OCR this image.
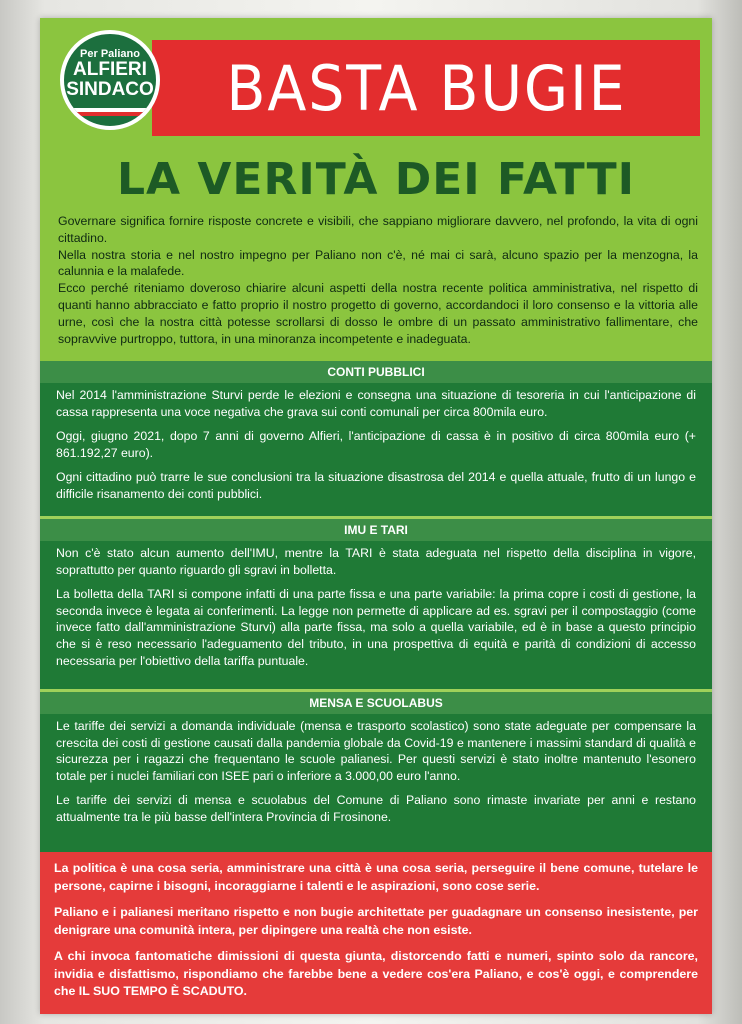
BASTA BUGIE
Per Paliano
ALFIERI
SINDACO
LA VERITÀ DEI FATTI

Governare significa fornire risposte concrete e visibili, che sappiano migliorare davvero, nel profondo, la vita di ogni cittadino.

Nella nostra storia e nel nostro impegno per Paliano non c'è, né mai ci sarà, alcuno spazio per la menzogna, la calunnia e la malafede.

Ecco perché riteniamo doveroso chiarire alcuni aspetti della nostra recente politica amministrativa, nel rispetto di quanti hanno abbracciato e fatto proprio il nostro progetto di governo, accordandoci il loro consenso e la vittoria alle urne, così che la nostra città potesse scrollarsi di dosso le ombre di un passato amministrativo fallimentare, che sopravvive purtroppo, tuttora, in una minoranza incompetente e inadeguata.

CONTI PUBBLICI

Nel 2014 l'amministrazione Sturvi perde le elezioni e consegna una situazione di tesoreria in cui l'anticipazione di cassa rappresenta una voce negativa che grava sui conti comunali per circa 800mila euro.

Oggi, giugno 2021, dopo 7 anni di governo Alfieri, l'anticipazione di cassa è in positivo di circa 800mila euro (+ 861.192,27 euro).

Ogni cittadino può trarre le sue conclusioni tra la situazione disastrosa del 2014 e quella attuale, frutto di un lungo e difficile risanamento dei conti pubblici.

IMU E TARI

Non c'è stato alcun aumento dell'IMU, mentre la TARI è stata adeguata nel rispetto della disciplina in vigore, soprattutto per quanto riguardo gli sgravi in bolletta.

La bolletta della TARI si compone infatti di una parte fissa e una parte variabile: la prima copre i costi di gestione, la seconda invece è legata ai conferimenti. La legge non permette di applicare ad es. sgravi per il compostaggio (come invece fatto dall'amministrazione Sturvi) alla parte fissa, ma solo a quella variabile, ed è in base a questo principio che si è reso necessario l'adeguamento del tributo, in una prospettiva di equità e parità di condizioni di accesso necessaria per l'obiettivo della tariffa puntuale.

MENSA E SCUOLABUS

Le tariffe dei servizi a domanda individuale (mensa e trasporto scolastico) sono state adeguate per compensare la crescita dei costi di gestione causati dalla pandemia globale da Covid-19 e mantenere i massimi standard di qualità e sicurezza per i ragazzi che frequentano le scuole palianesi. Per questi servizi è stato inoltre mantenuto l'esonero totale per i nuclei familiari con ISEE pari o inferiore a 3.000,00 euro l'anno.

Le tariffe dei servizi di mensa e scuolabus del Comune di Paliano sono rimaste invariate per anni e restano attualmente tra le più basse dell'intera Provincia di Frosinone.

La politica è una cosa seria, amministrare una città è una cosa seria, perseguire il bene comune, tutelare le persone, capirne i bisogni, incoraggiarne i talenti e le aspirazioni, sono cose serie.

Paliano e i palianesi meritano rispetto e non bugie architettate per guadagnare un consenso inesistente, per denigrare una comunità intera, per dipingere una realtà che non esiste.

A chi invoca fantomatiche dimissioni di questa giunta, distorcendo fatti e numeri, spinto solo da rancore, invidia e disfattismo, rispondiamo che farebbe bene a vedere cos'era Paliano, e cos'è oggi, e comprendere che IL SUO TEMPO È SCADUTO.
